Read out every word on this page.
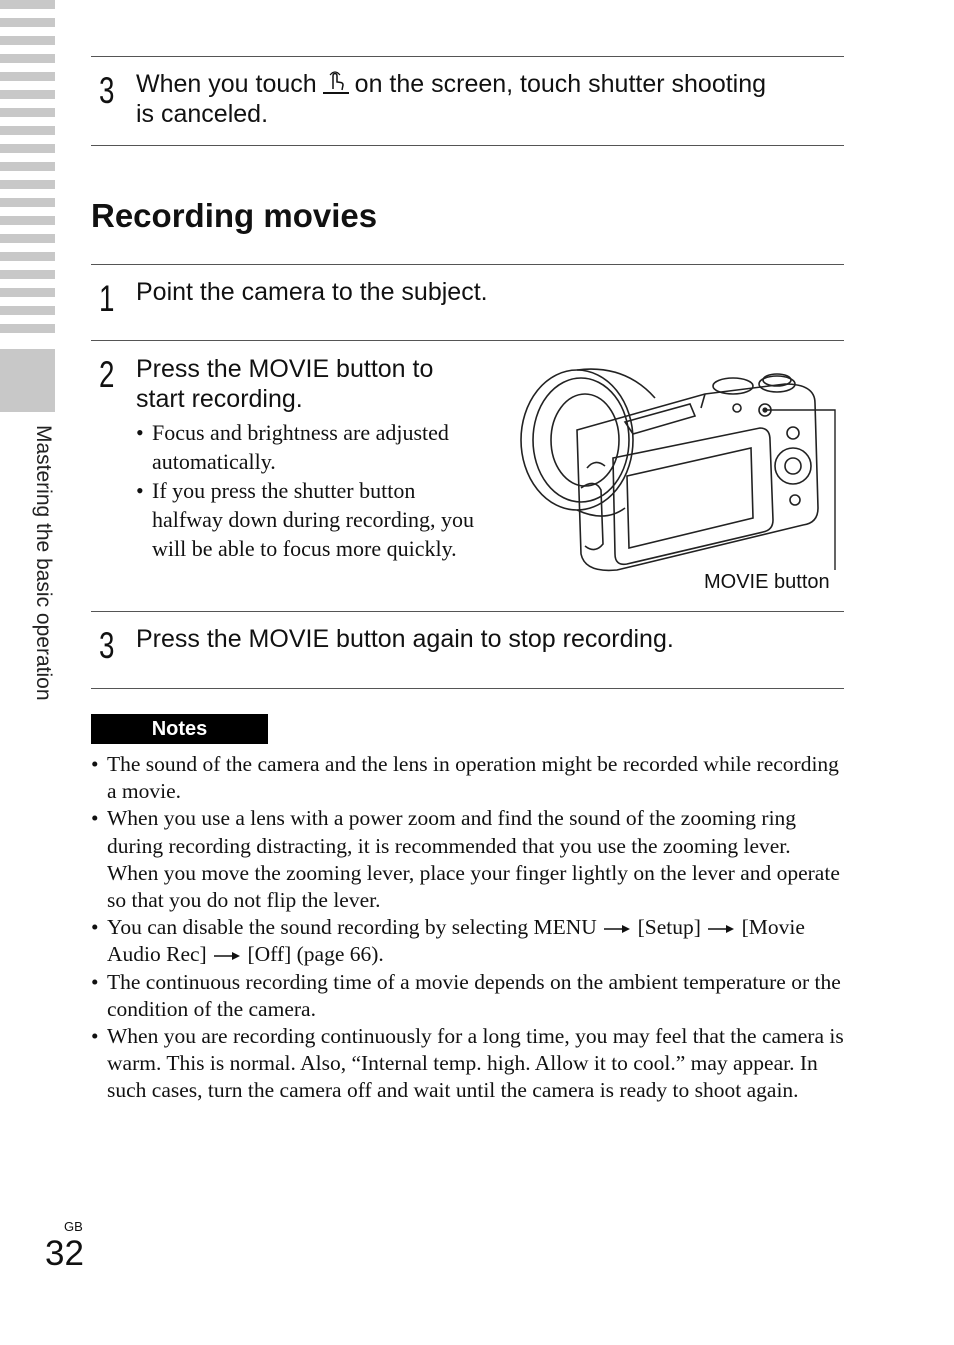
Mastering the basic operation
3 When you touch on the screen, touch shutter shooting
is canceled.
Recording movies
1 Point the camera to the subject.
2 Press the MOVIE button to
start recording.
• Focus and brightness are adjusted automatically.
• If you press the shutter button halfway down during recording, you will be able to focus more quickly.
MOVIE button
3 Press the MOVIE button again to stop recording.
Notes
• The sound of the camera and the lens in operation might be recorded while recording a movie.
• When you use a lens with a power zoom and find the sound of the zooming ring during recording distracting, it is recommended that you use the zooming lever. When you move the zooming lever, place your finger lightly on the lever and operate so that you do not flip the lever.
• You can disable the sound recording by selecting MENU [Setup] [Movie Audio Rec] [Off] (page 66).
• The continuous recording time of a movie depends on the ambient temperature or the condition of the camera.
• When you are recording continuously for a long time, you may feel that the camera is warm. This is normal. Also, “Internal temp. high. Allow it to cool.” may appear. In such cases, turn the camera off and wait until the camera is ready to shoot again.
GB
32
